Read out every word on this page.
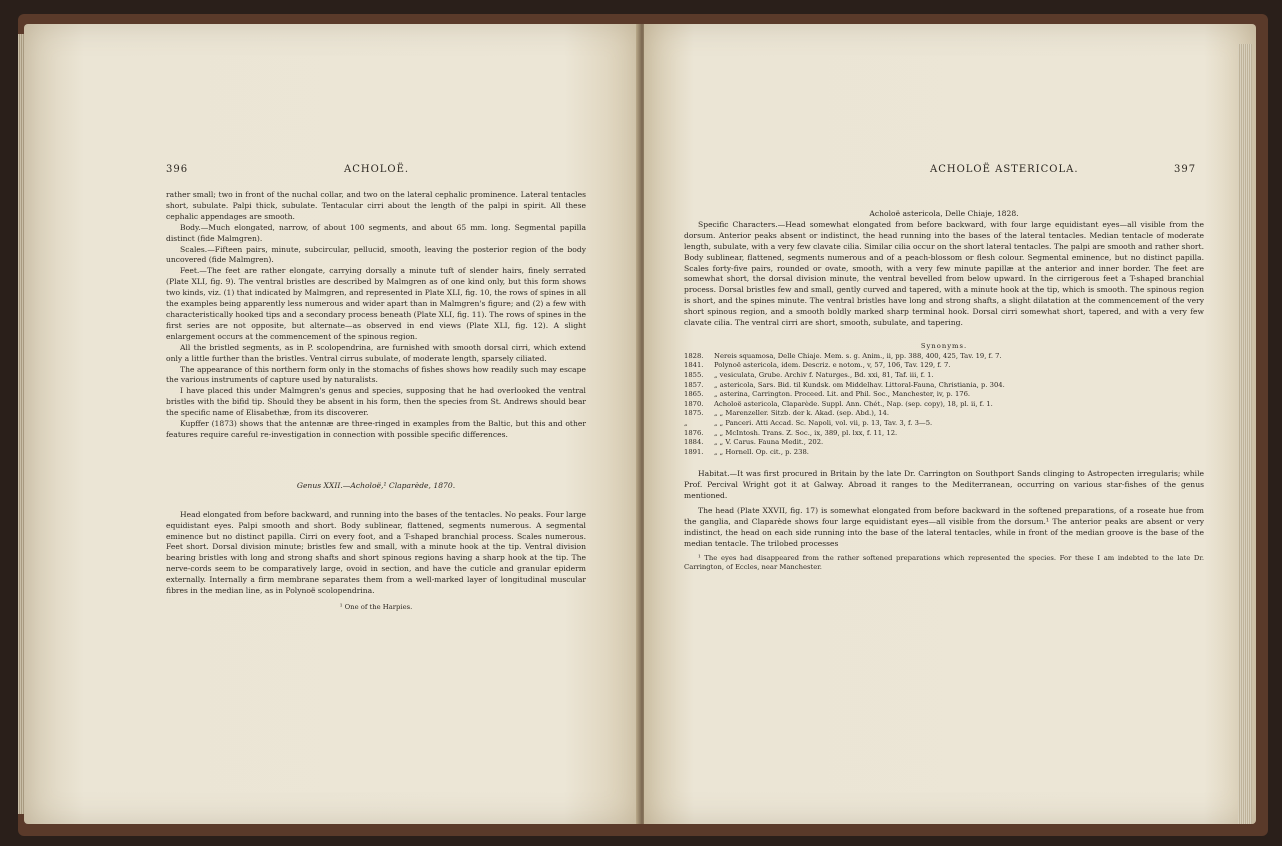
396	ACHOLOË.

rather small; two in front of the nuchal collar, and two on the lateral cephalic prominence. Lateral tentacles short, subulate. Palpi thick, subulate. Tentacular cirri about the length of the palpi in spirit. All these cephalic appendages are smooth.

Body.—Much elongated, narrow, of about 100 segments, and about 65 mm. long. Segmental papilla distinct (fide Malmgren).

Scales.—Fifteen pairs, minute, subcircular, pellucid, smooth, leaving the posterior region of the body uncovered (fide Malmgren).

Feet.—The feet are rather elongate, carrying dorsally a minute tuft of slender hairs, finely serrated (Plate XLI, fig. 9). The ventral bristles are described by Malmgren as of one kind only, but this form shows two kinds, viz. (1) that indicated by Malmgren, and represented in Plate XLI, fig. 10, the rows of spines in all the examples being apparently less numerous and wider apart than in Malmgren's figure; and (2) a few with characteristically hooked tips and a secondary process beneath (Plate XLI, fig. 11). The rows of spines in the first series are not opposite, but alternate—as observed in end views (Plate XLI, fig. 12). A slight enlargement occurs at the commencement of the spinous region.

All the bristled segments, as in P. scolopendrina, are furnished with smooth dorsal cirri, which extend only a little further than the bristles. Ventral cirrus subulate, of moderate length, sparsely ciliated.

The appearance of this northern form only in the stomachs of fishes shows how readily such may escape the various instruments of capture used by naturalists.

I have placed this under Malmgren's genus and species, supposing that he had overlooked the ventral bristles with the bifid tip. Should they be absent in his form, then the species from St. Andrews should bear the specific name of Elisabethæ, from its discoverer.

Kupffer (1873) shows that the antennæ are three-ringed in examples from the Baltic, but this and other features require careful re-investigation in connection with possible specific differences.

Genus XXII.—Acholoë,¹ Claparède, 1870.

Head elongated from before backward, and running into the bases of the tentacles. No peaks. Four large equidistant eyes. Palpi smooth and short. Body sublinear, flattened, segments numerous. A segmental eminence but no distinct papilla. Cirri on every foot, and a T-shaped branchial process. Scales numerous. Feet short. Dorsal division minute; bristles few and small, with a minute hook at the tip. Ventral division bearing bristles with long and strong shafts and short spinous regions having a sharp hook at the tip. The nerve-cords seem to be comparatively large, ovoid in section, and have the cuticle and granular epiderm externally. Internally a firm membrane separates them from a well-marked layer of longitudinal muscular fibres in the median line, as in Polynoë scolopendrina.

¹ One of the Harpies.

ACHOLOË ASTERICOLA.	397

Acholoë astericola, Delle Chiaje, 1828.

Specific Characters.—Head somewhat elongated from before backward, with four large equidistant eyes—all visible from the dorsum. Anterior peaks absent or indistinct, the head running into the bases of the lateral tentacles. Median tentacle of moderate length, subulate, with a very few clavate cilia. Similar cilia occur on the short lateral tentacles. The palpi are smooth and rather short. Body sublinear, flattened, segments numerous and of a peach-blossom or flesh colour. Segmental eminence, but no distinct papilla. Scales forty-five pairs, rounded or ovate, smooth, with a very few minute papillæ at the anterior and inner border. The feet are somewhat short, the dorsal division minute, the ventral bevelled from below upward. In the cirrigerous feet a T-shaped branchial process. Dorsal bristles few and small, gently curved and tapered, with a minute hook at the tip, which is smooth. The spinous region is short, and the spines minute. The ventral bristles have long and strong shafts, a slight dilatation at the commencement of the very short spinous region, and a smooth boldly marked sharp terminal hook. Dorsal cirri somewhat short, tapered, and with a very few clavate cilia. The ventral cirri are short, smooth, subulate, and tapering.

Synonyms.

1828.	Nereis squamosa, Delle Chiaje. Mem. s. g. Anim., ii, pp. 388, 400, 425, Tav. 19, f. 7.
1841.	Polynoë astericola, idem. Descriz. e notom., v, 57, 106, Tav. 129, f. 7.
1855.	„ vesiculata, Grube. Archiv f. Naturges., Bd. xxi, 81, Taf. iii, f. 1.
1857.	„ astericola, Sars. Bid. til Kundsk. om Middelhav. Littoral-Fauna, Christiania, p. 304.
1865.	„ asterina, Carrington. Proceed. Lit. and Phil. Soc., Manchester, iv, p. 176.
1870.	Acholoë astericola, Claparède. Suppl. Ann. Chét., Nap. (sep. copy), 18, pl. ii, f. 1.
1875.	„ „ Marenzeller. Sitzb. der k. Akad. (sep. Abd.), 14.
„	„ „ Panceri. Atti Accad. Sc. Napoli, vol. vii, p. 13, Tav. 3, f. 3—5.
1876.	„ „ McIntosh. Trans. Z. Soc., ix, 389, pl. lxx, f. 11, 12.
1884.	„ „ V. Carus. Fauna Medit., 202.
1891.	„ „ Hornell. Op. cit., p. 238.

Habitat.—It was first procured in Britain by the late Dr. Carrington on Southport Sands clinging to Astropecten irregularis; while Prof. Percival Wright got it at Galway. Abroad it ranges to the Mediterranean, occurring on various star-fishes of the genus mentioned.

The head (Plate XXVII, fig. 17) is somewhat elongated from before backward in the softened preparations, of a roseate hue from the ganglia, and Claparède shows four large equidistant eyes—all visible from the dorsum.¹ The anterior peaks are absent or very indistinct, the head on each side running into the base of the lateral tentacles, while in front of the median groove is the base of the median tentacle. The trilobed processes

¹ The eyes had disappeared from the rather softened preparations which represented the species. For these I am indebted to the late Dr. Carrington, of Eccles, near Manchester.
